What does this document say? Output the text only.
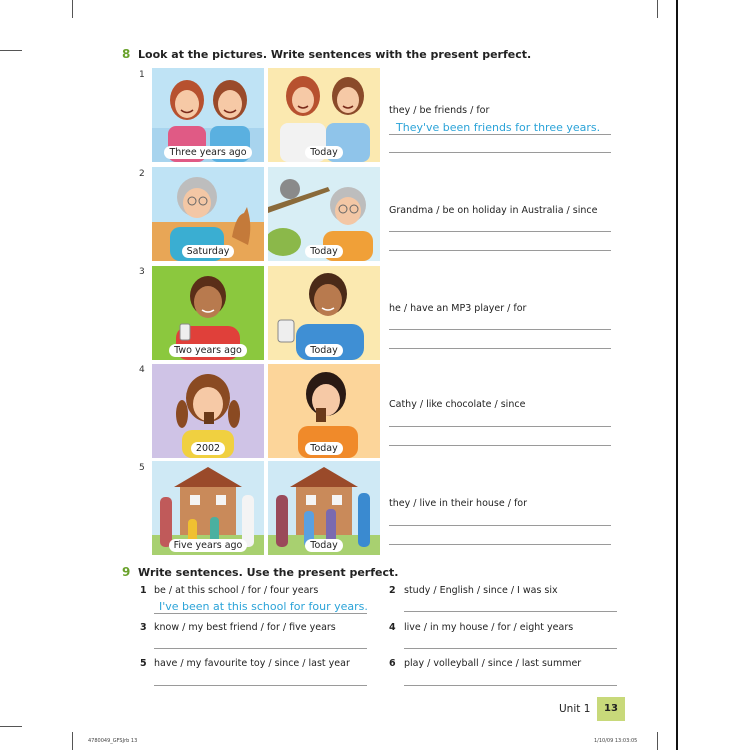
8 Look at the pictures. Write sentences with the present perfect.
1
Three years ago	Today
they / be friends / for
They've been friends for three years.
2
Saturday	Today
Grandma / be on holiday in Australia / since
3
Two years ago	Today
he / have an MP3 player / for
4
2002	Today
Cathy / like chocolate / since
5
Five years ago	Today
they / live in their house / for
9 Write sentences. Use the present perfect.
1 be / at this school / for / four years
I've been at this school for four years.
2 study / English / since / I was six
3 know / my best friend / for / five years	4 live / in my house / for / eight years
5 have / my favourite toy / since / last year	6 play / volleyball / since / last summer
Unit 1	13
4780049_GFSJrb 13	1/10/09 13:03:05
